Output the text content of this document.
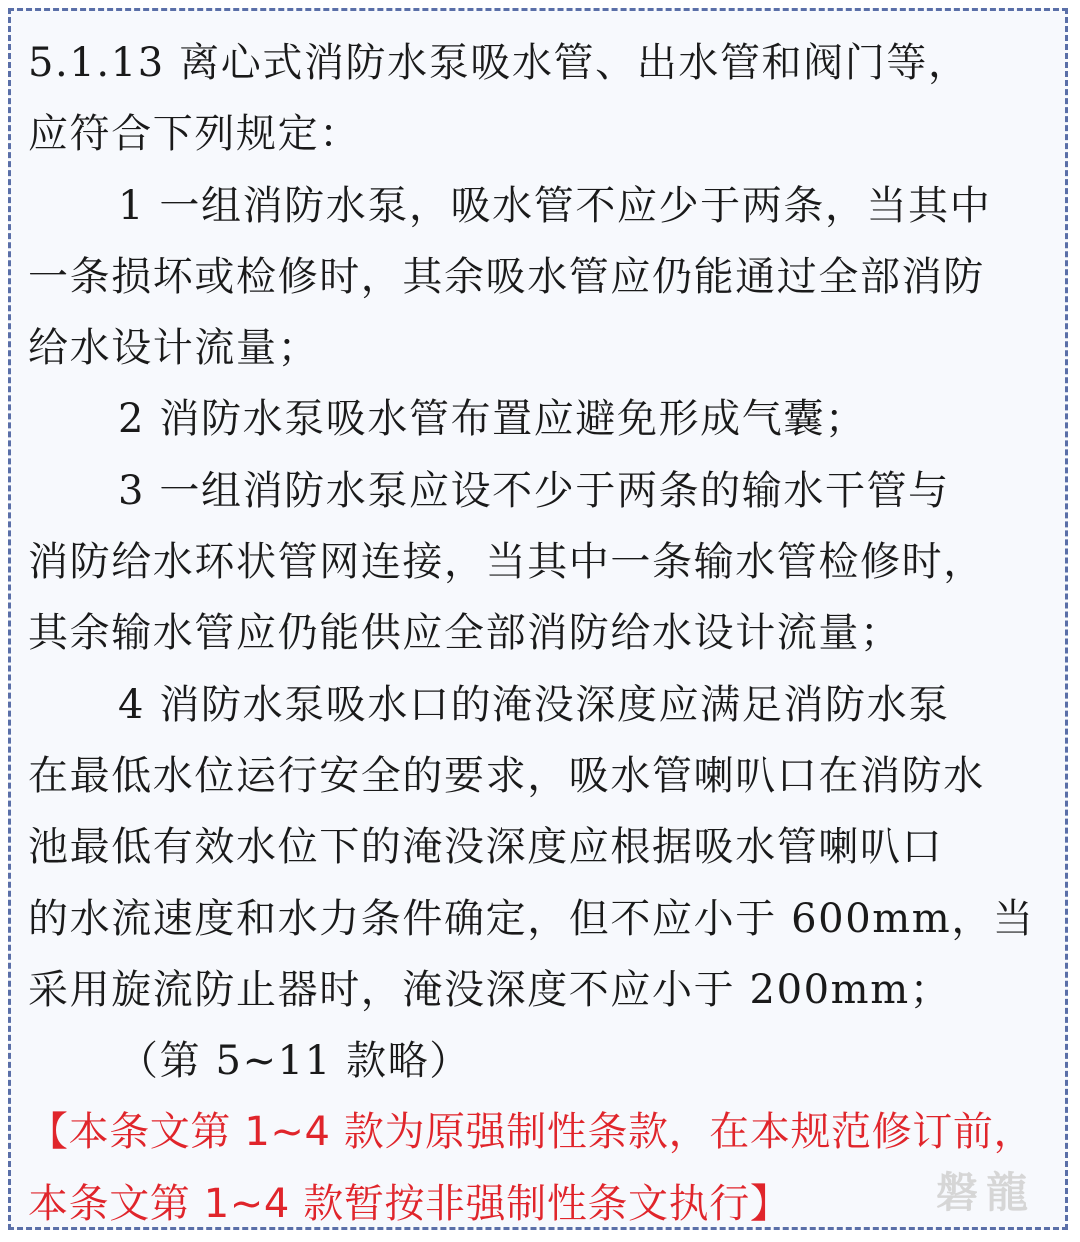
5.1.13 离心式消防水泵吸水管、出水管和阀门等，
应符合下列规定：
1 一组消防水泵，吸水管不应少于两条，当其中
一条损坏或检修时，其余吸水管应仍能通过全部消防
给水设计流量；
2 消防水泵吸水管布置应避免形成气囊；
3 一组消防水泵应设不少于两条的输水干管与
消防给水环状管网连接，当其中一条输水管检修时，
其余输水管应仍能供应全部消防给水设计流量；
4 消防水泵吸水口的淹没深度应满足消防水泵
在最低水位运行安全的要求，吸水管喇叭口在消防水
池最低有效水位下的淹没深度应根据吸水管喇叭口
的水流速度和水力条件确定，但不应小于 600mm，当
采用旋流防止器时，淹没深度不应小于 200mm；
（第 5~11 款略）
【本条文第 1~4 款为原强制性条款，在本规范修订前，
本条文第 1~4 款暂按非强制性条文执行】	磐龍
